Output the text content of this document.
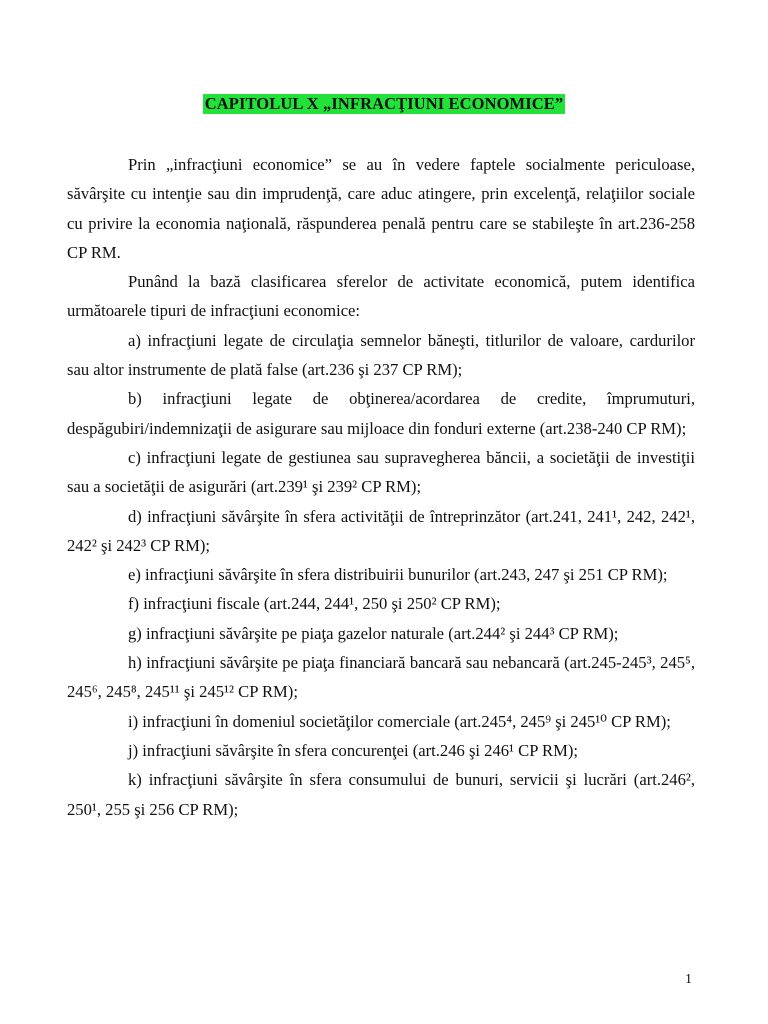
CAPITOLUL X „INFRACŢIUNI ECONOMICE”

Prin „infracţiuni economice” se au în vedere faptele socialmente periculoase, săvârşite cu intenţie sau din imprudenţă, care aduc atingere, prin excelenţă, relaţiilor sociale cu privire la economia naţională, răspunderea penală pentru care se stabileşte în art.236-258 CP RM.

Punând la bază clasificarea sferelor de activitate economică, putem identifica următoarele tipuri de infracţiuni economice:

a) infracţiuni legate de circulaţia semnelor băneşti, titlurilor de valoare, cardurilor sau altor instrumente de plată false (art.236 şi 237 CP RM);

b) infracţiuni legate de obţinerea/acordarea de credite, împrumuturi, despăgubiri/indemnizaţii de asigurare sau mijloace din fonduri externe (art.238-240 CP RM);

c) infracţiuni legate de gestiunea sau supravegherea băncii, a societăţii de investiţii sau a societăţii de asigurări (art.239¹ şi 239² CP RM);

d) infracţiuni săvârşite în sfera activităţii de întreprinzător (art.241, 241¹, 242, 242¹, 242² şi 242³ CP RM);

e) infracţiuni săvârşite în sfera distribuirii bunurilor (art.243, 247 şi 251 CP RM);

f) infracţiuni fiscale (art.244, 244¹, 250 şi 250² CP RM);

g) infracţiuni săvârşite pe piaţa gazelor naturale (art.244² şi 244³ CP RM);

h) infracţiuni săvârşite pe piaţa financiară bancară sau nebancară (art.245-245³, 245⁵, 245⁶, 245⁸, 245¹¹ şi 245¹² CP RM);

i) infracţiuni în domeniul societăţilor comerciale (art.245⁴, 245⁹ şi 245¹⁰ CP RM);

j) infracţiuni săvârşite în sfera concurenţei (art.246 şi 246¹ CP RM);

k) infracţiuni săvârşite în sfera consumului de bunuri, servicii şi lucrări (art.246², 250¹, 255 şi 256 CP RM);

1
